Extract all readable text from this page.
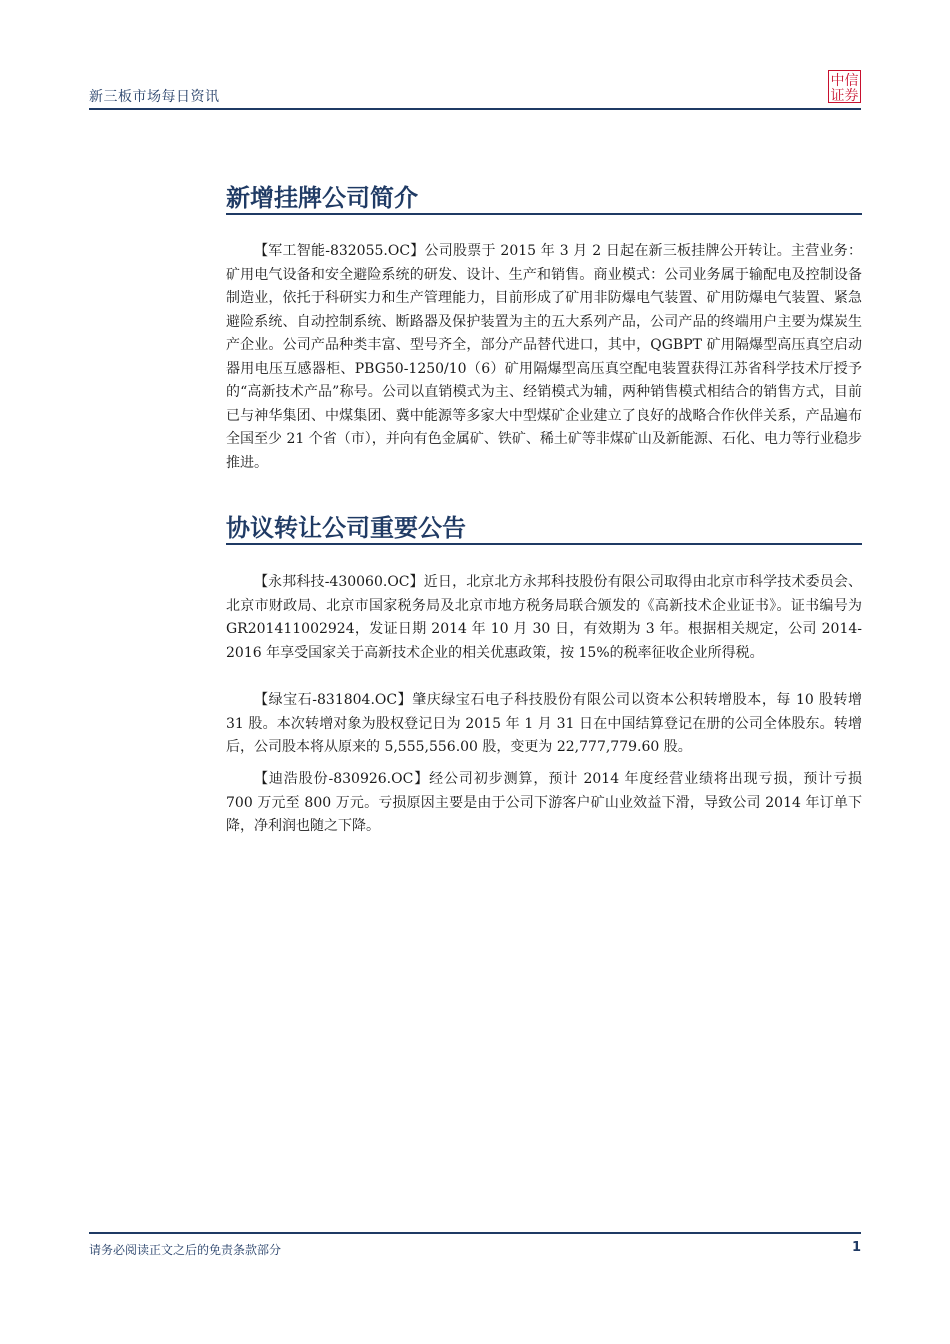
新三板市场每日资讯
中信
证券
新增挂牌公司简介

【军工智能-832055.OC】公司股票于 2015 年 3 月 2 日起在新三板挂牌公开转让。主营业务：矿用电气设备和安全避险系统的研发、设计、生产和销售。商业模式：公司业务属于输配电及控制设备制造业，依托于科研实力和生产管理能力，目前形成了矿用非防爆电气装置、矿用防爆电气装置、紧急避险系统、自动控制系统、断路器及保护装置为主的五大系列产品，公司产品的终端用户主要为煤炭生产企业。公司产品种类丰富、型号齐全，部分产品替代进口，其中，QGBPT 矿用隔爆型高压真空启动器用电压互感器柜、PBG50-1250/10（6）矿用隔爆型高压真空配电装置获得江苏省科学技术厅授予的“高新技术产品”称号。公司以直销模式为主、经销模式为辅，两种销售模式相结合的销售方式，目前已与神华集团、中煤集团、冀中能源等多家大中型煤矿企业建立了良好的战略合作伙伴关系，产品遍布全国至少 21 个省（市），并向有色金属矿、铁矿、稀土矿等非煤矿山及新能源、石化、电力等行业稳步推进。

协议转让公司重要公告

【永邦科技-430060.OC】近日，北京北方永邦科技股份有限公司取得由北京市科学技术委员会、北京市财政局、北京市国家税务局及北京市地方税务局联合颁发的《高新技术企业证书》。证书编号为 GR201411002924，发证日期 2014 年 10 月 30 日，有效期为 3 年。根据相关规定，公司 2014-2016 年享受国家关于高新技术企业的相关优惠政策，按 15%的税率征收企业所得税。

【绿宝石-831804.OC】肇庆绿宝石电子科技股份有限公司以资本公积转增股本，每 10 股转增 31 股。本次转增对象为股权登记日为 2015 年 1 月 31 日在中国结算登记在册的公司全体股东。转增后，公司股本将从原来的 5,555,556.00 股，变更为 22,777,779.60 股。

【迪浩股份-830926.OC】经公司初步测算，预计 2014 年度经营业绩将出现亏损，预计亏损 700 万元至 800 万元。亏损原因主要是由于公司下游客户矿山业效益下滑，导致公司 2014 年订单下降，净利润也随之下降。

请务必阅读正文之后的免责条款部分	1
